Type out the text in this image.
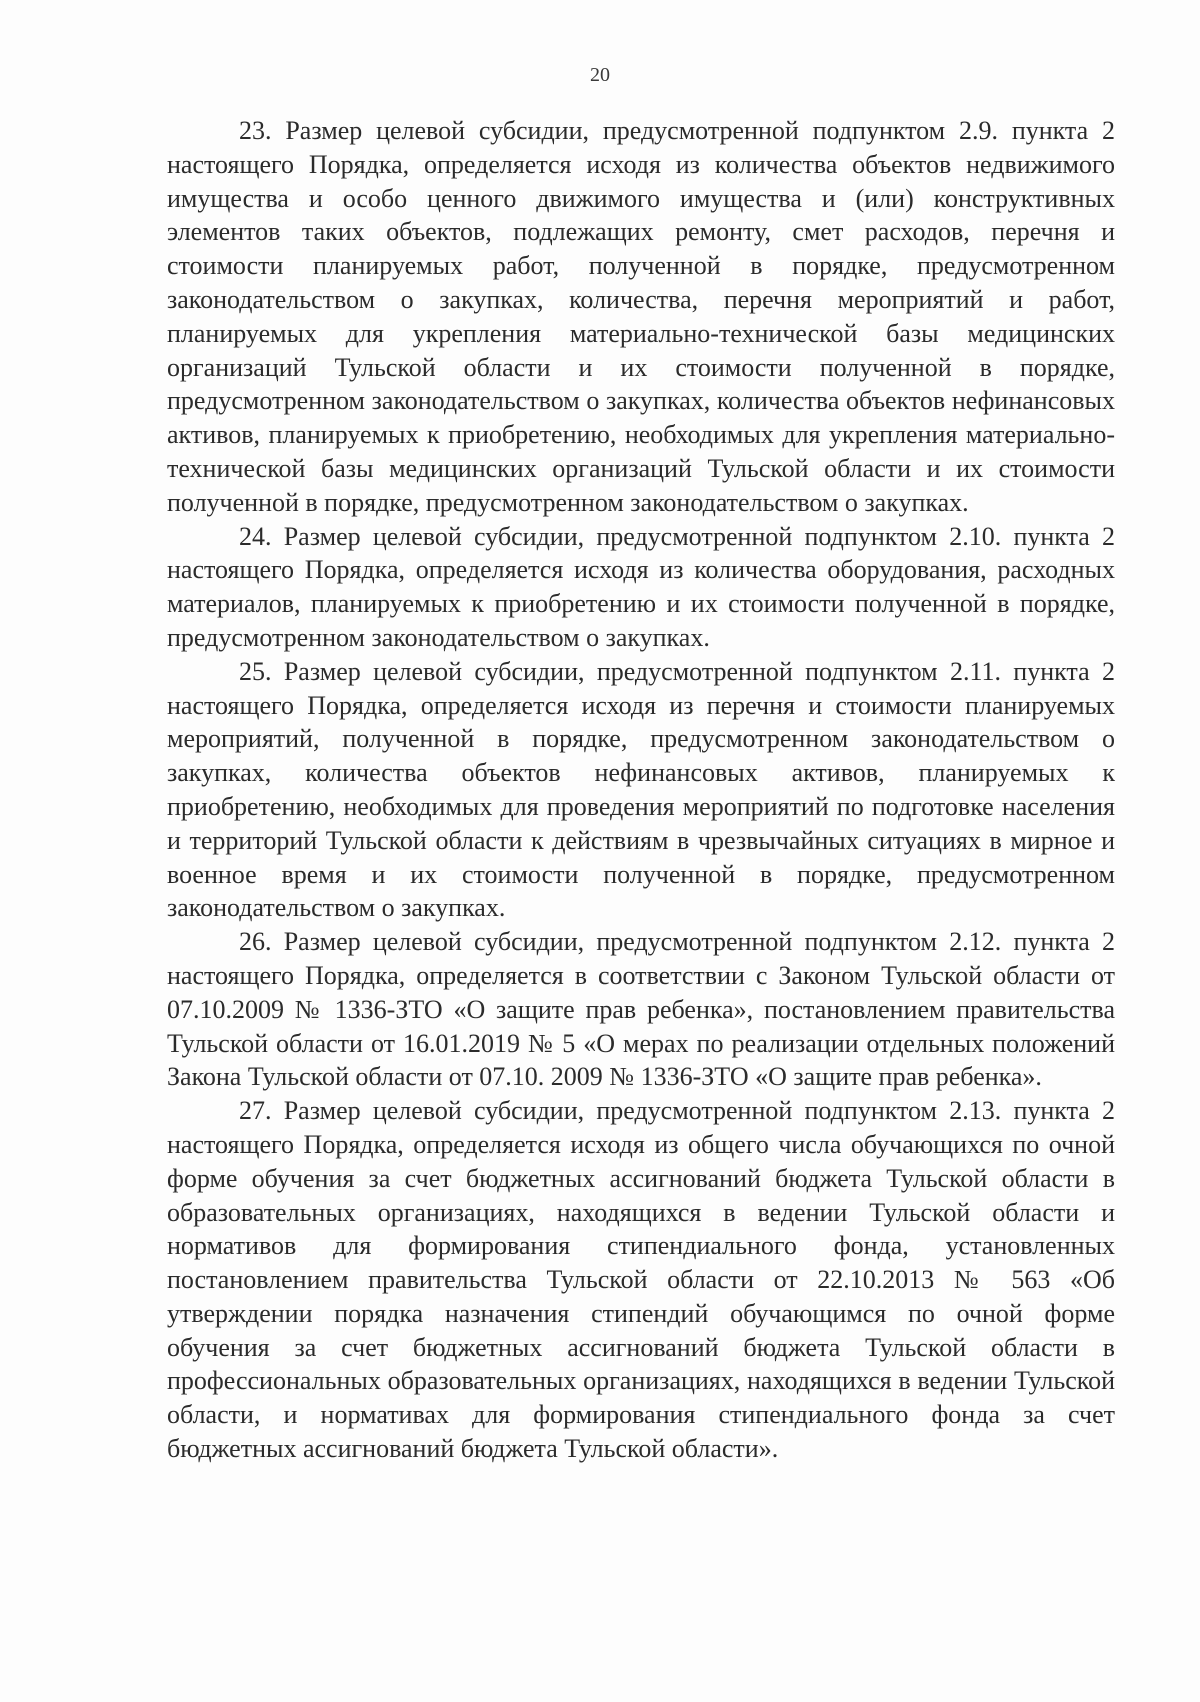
20

23. Размер целевой субсидии, предусмотренной подпунктом 2.9. пункта 2 настоящего Порядка, определяется исходя из количества объектов недвижимого имущества и особо ценного движимого имущества и (или) конструктивных элементов таких объектов, подлежащих ремонту, смет расходов, перечня и стоимости планируемых работ, полученной в порядке, предусмотренном законодательством о закупках, количества, перечня мероприятий и работ, планируемых для укрепления материально-технической базы медицинских организаций Тульской области и их стоимости полученной в порядке, предусмотренном законодательством о закупках, количества объектов нефинансовых активов, планируемых к приобретению, необходимых для укрепления материально-технической базы медицинских организаций Тульской области и их стоимости полученной в порядке, предусмотренном законодательством о закупках.

24. Размер целевой субсидии, предусмотренной подпунктом 2.10. пункта 2 настоящего Порядка, определяется исходя из количества оборудования, расходных материалов, планируемых к приобретению и их стоимости полученной в порядке, предусмотренном законодательством о закупках.

25. Размер целевой субсидии, предусмотренной подпунктом 2.11. пункта 2 настоящего Порядка, определяется исходя из перечня и стоимости планируемых мероприятий, полученной в порядке, предусмотренном законодательством о закупках, количества объектов нефинансовых активов, планируемых к приобретению, необходимых для проведения мероприятий по подготовке населения и территорий Тульской области к действиям в чрезвычайных ситуациях в мирное и военное время и их стоимости полученной в порядке, предусмотренном законодательством о закупках.

26. Размер целевой субсидии, предусмотренной подпунктом 2.12. пункта 2 настоящего Порядка, определяется в соответствии с Законом Тульской области от 07.10.2009 № 1336-ЗТО «О защите прав ребенка», постановлением правительства Тульской области от 16.01.2019 № 5 «О мерах по реализации отдельных положений Закона Тульской области от 07.10. 2009 № 1336-ЗТО «О защите прав ребенка».

27. Размер целевой субсидии, предусмотренной подпунктом 2.13. пункта 2 настоящего Порядка, определяется исходя из общего числа обучающихся по очной форме обучения за счет бюджетных ассигнований бюджета Тульской области в образовательных организациях, находящихся в ведении Тульской области и нормативов для формирования стипендиального фонда, установленных постановлением правительства Тульской области от 22.10.2013 № 563 «Об утверждении порядка назначения стипендий обучающимся по очной форме обучения за счет бюджетных ассигнований бюджета Тульской области в профессиональных образовательных организациях, находящихся в ведении Тульской области, и нормативах для формирования стипендиального фонда за счет бюджетных ассигнований бюджета Тульской области».
